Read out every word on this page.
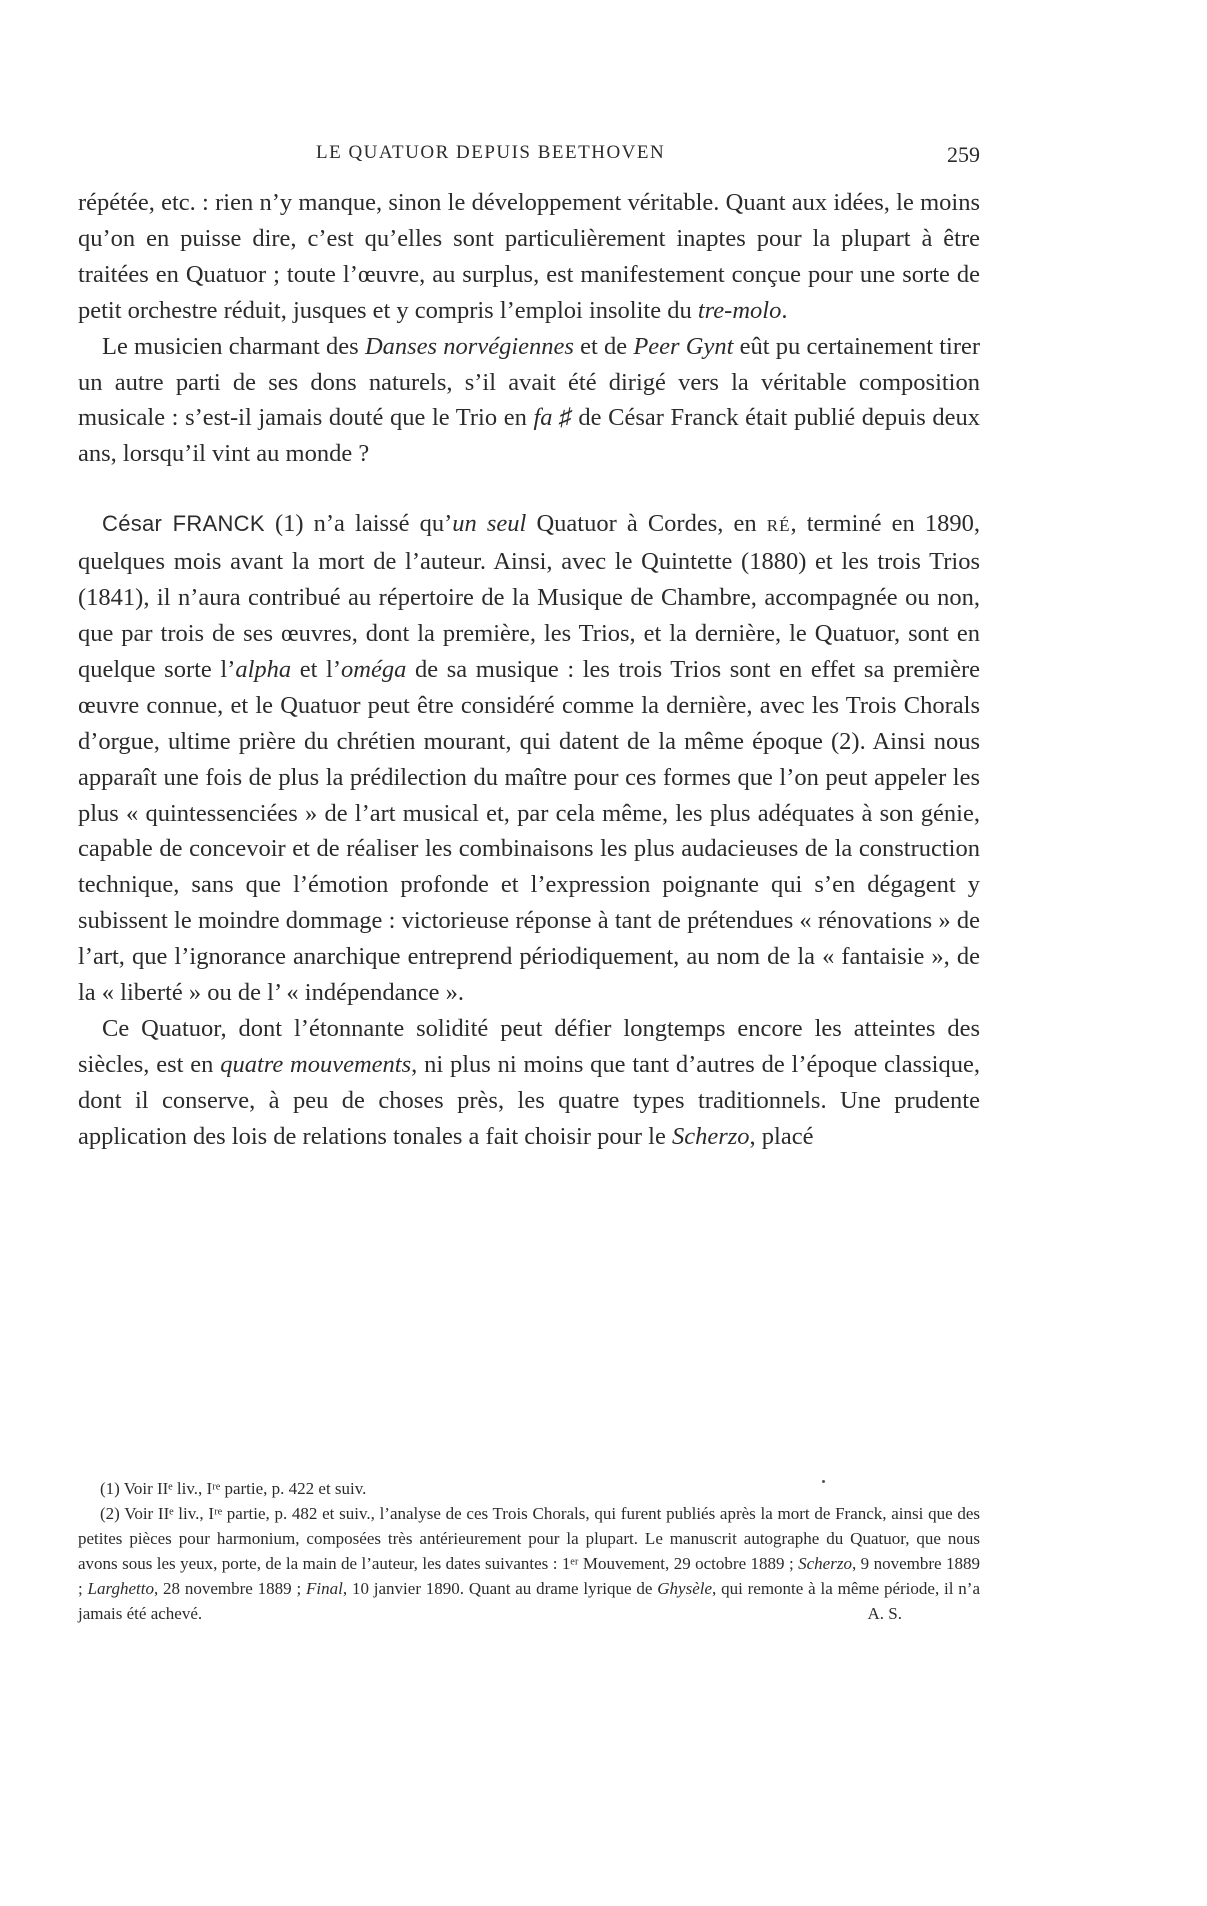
LE QUATUOR DEPUIS BEETHOVEN	259

répétée, etc. : rien n’y manque, sinon le développement véritable. Quant aux idées, le moins qu’on en puisse dire, c’est qu’elles sont particulièrement inaptes pour la plupart à être traitées en Quatuor ; toute l’œuvre, au surplus, est manifestement conçue pour une sorte de petit orchestre réduit, jusques et y compris l’emploi insolite du tre-molo.

Le musicien charmant des Danses norvégiennes et de Peer Gynt eût pu certainement tirer un autre parti de ses dons naturels, s’il avait été dirigé vers la véritable composition musicale : s’est-il jamais douté que le Trio en fa ♯ de César Franck était publié depuis deux ans, lorsqu’il vint au monde ?

César FRANCK (1) n’a laissé qu’un seul Quatuor à Cordes, en RÉ, terminé en 1890, quelques mois avant la mort de l’auteur. Ainsi, avec le Quintette (1880) et les trois Trios (1841), il n’aura contribué au répertoire de la Musique de Chambre, accompagnée ou non, que par trois de ses œuvres, dont la première, les Trios, et la dernière, le Quatuor, sont en quelque sorte l’alpha et l’oméga de sa musique : les trois Trios sont en effet sa première œuvre connue, et le Quatuor peut être considéré comme la dernière, avec les Trois Chorals d’orgue, ultime prière du chrétien mourant, qui datent de la même époque (2). Ainsi nous apparaît une fois de plus la prédilection du maître pour ces formes que l’on peut appeler les plus « quintessenciées » de l’art musical et, par cela même, les plus adéquates à son génie, capable de concevoir et de réaliser les combinaisons les plus audacieuses de la construction technique, sans que l’émotion profonde et l’expression poignante qui s’en dégagent y subissent le moindre dommage : victorieuse réponse à tant de prétendues « rénovations » de l’art, que l’ignorance anarchique entreprend périodiquement, au nom de la « fantaisie », de la « liberté » ou de l’ « indépendance ».

Ce Quatuor, dont l’étonnante solidité peut défier longtemps encore les atteintes des siècles, est en quatre mouvements, ni plus ni moins que tant d’autres de l’époque classique, dont il conserve, à peu de choses près, les quatre types traditionnels. Une prudente application des lois de relations tonales a fait choisir pour le Scherzo, placé

(1) Voir IIᵉ liv., Iʳᵉ partie, p. 422 et suiv.

(2) Voir IIᵉ liv., Iʳᵉ partie, p. 482 et suiv., l’analyse de ces Trois Chorals, qui furent publiés après la mort de Franck, ainsi que des petites pièces pour harmonium, composées très antérieurement pour la plupart. Le manuscrit autographe du Quatuor, que nous avons sous les yeux, porte, de la main de l’auteur, les dates suivantes : 1ᵉʳ Mouvement, 29 octobre 1889 ; Scherzo, 9 novembre 1889 ; Larghetto, 28 novembre 1889 ; Final, 10 janvier 1890. Quant au drame lyrique de Ghysèle, qui remonte à la même période, il n’a jamais été achevé.	A. S.
